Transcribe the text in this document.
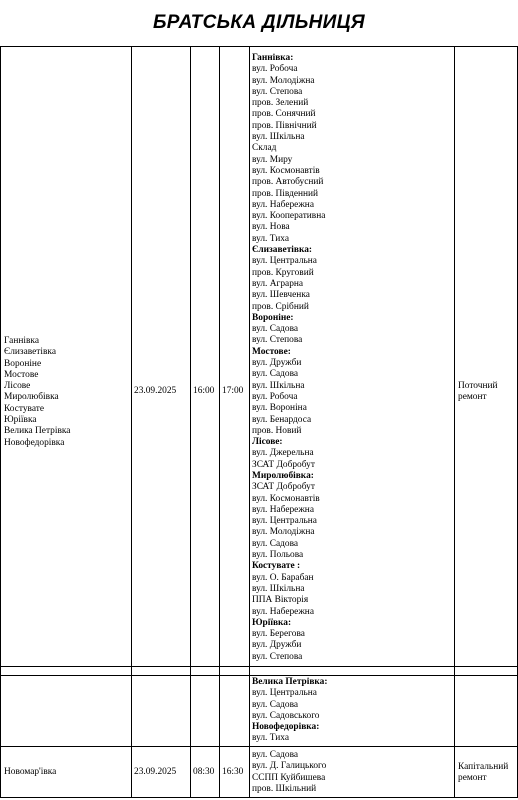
БРАТСЬКА ДІЛЬНИЦЯ
Ганнівка
Єлизаветівка
Вороніне
Мостове
Лісове
Миролюбівка
Костувате
Юріївка
Велика Петрівка
Новофедорівка
23.09.2025 16:00 17:00
Ганнівка:
вул. Робоча
вул. Молодіжна
вул. Степова
пров. Зелений
пров. Сонячний
пров. Північний
вул. Шкільна
Склад
вул. Миру
вул. Космонавтів
пров. Автобусний
пров. Південний
вул. Набережна
вул. Кооперативна
вул. Нова
вул. Тиха
Єлизаветівка:
вул. Центральна
пров. Круговий
вул. Аграрна
вул. Шевченка
пров. Срібний
Вороніне:
вул. Садова
вул. Степова
Мостове:
вул. Дружби
вул. Садова
вул. Шкільна
вул. Робоча
вул. Вороніна
вул. Бенардоса
пров. Новий
Лісове:
вул. Джерельна
ЗСАТ Добробут
Миролюбівка:
ЗСАТ Добробут
вул. Космонавтів
вул. Набережна
вул. Центральна
вул. Молодіжна
вул. Садова
вул. Польова
Костувате :
вул. О. Барабан
вул. Шкільна
ППА Вікторія
вул. Набережна
Юріївка:
вул. Берегова
вул. Дружби
вул. Степова
Велика Петрівка:
вул. Центральна
вул. Садова
вул. Садовського
Новофедорівка:
вул. Тиха
Поточний
ремонт
Новомар'івка	23.09.2025 08:30 16:30
вул. Садова
вул. Д. Галицького
ССПП Куйбишева
пров. Шкільний
Капітальний
ремонт
